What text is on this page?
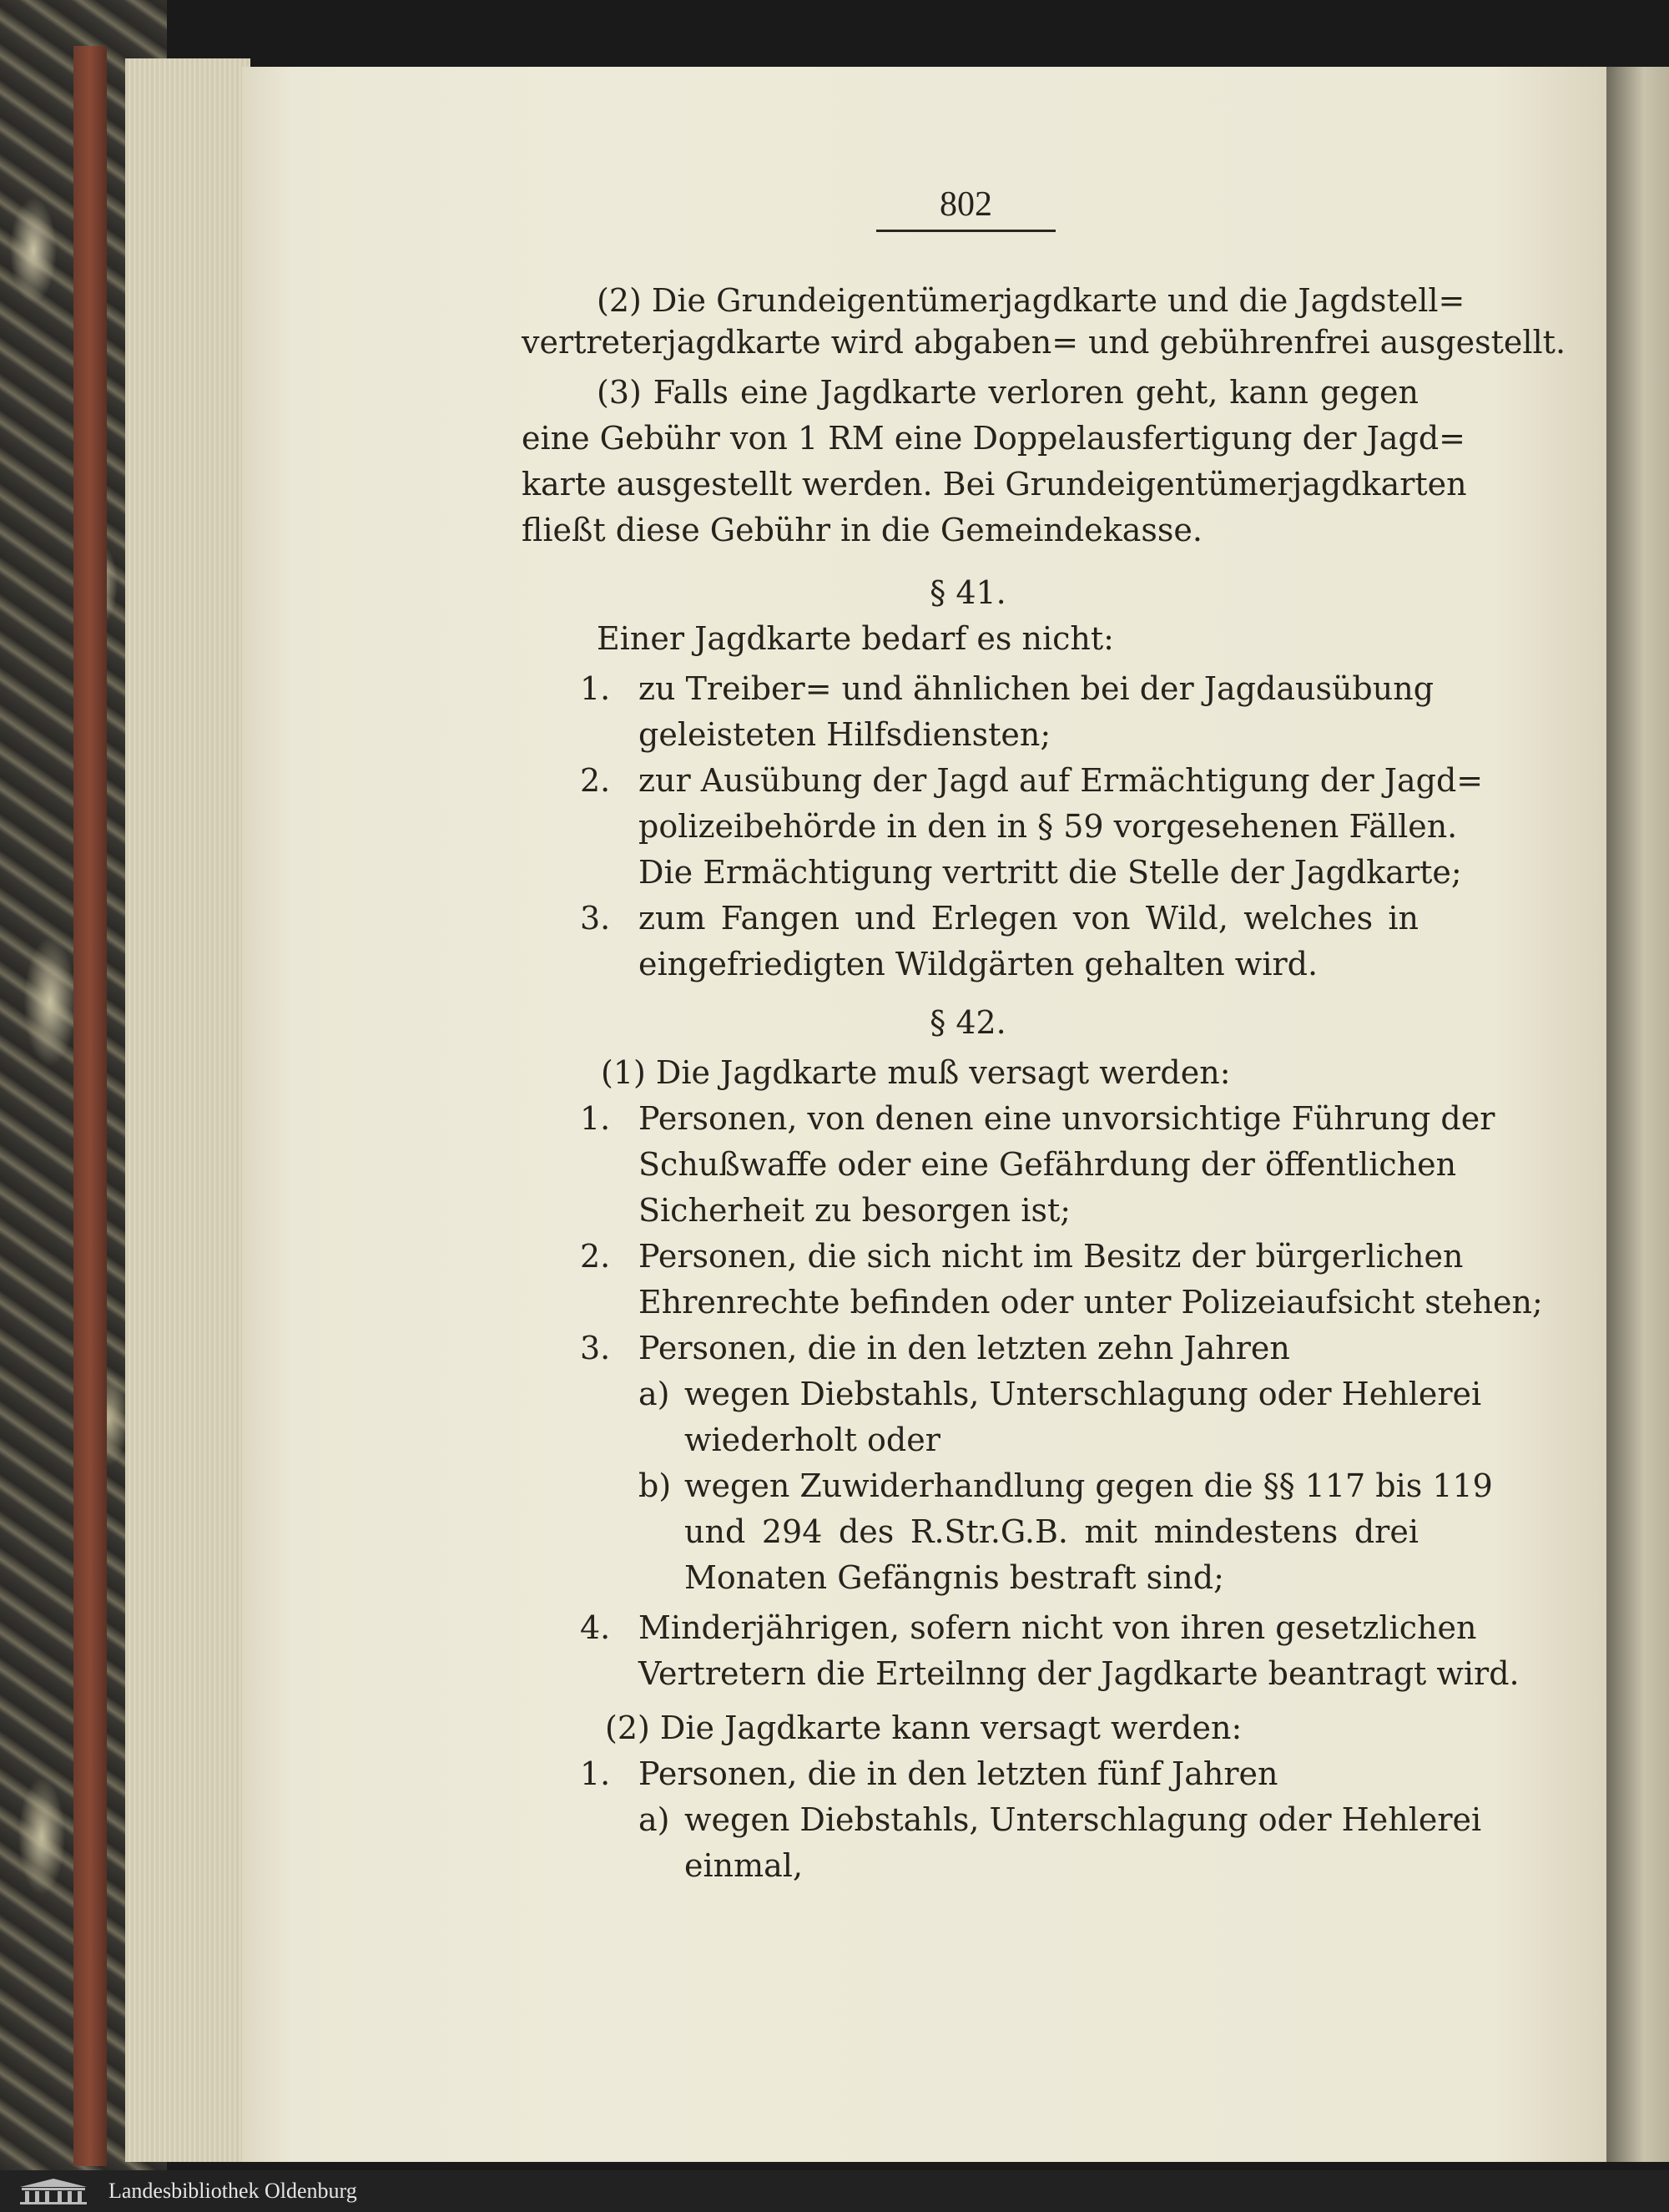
802
(2) Die Grundeigentümerjagdkarte und die Jagdstell=
vertreterjagdkarte wird abgaben= und gebührenfrei ausgestellt.
(3) Falls eine Jagdkarte verloren geht, kann gegen
eine Gebühr von 1 RM eine Doppelausfertigung der Jagd=
karte ausgestellt werden. Bei Grundeigentümerjagdkarten
fließt diese Gebühr in die Gemeindekasse.
§ 41.
Einer Jagdkarte bedarf es nicht:
1. zu Treiber= und ähnlichen bei der Jagdausübung
geleisteten Hilfsdiensten;
2. zur Ausübung der Jagd auf Ermächtigung der Jagd=
polizeibehörde in den in § 59 vorgesehenen Fällen.
Die Ermächtigung vertritt die Stelle der Jagdkarte;
3. zum Fangen und Erlegen von Wild, welches in
eingefriedigten Wildgärten gehalten wird.
§ 42.
(1) Die Jagdkarte muß versagt werden:
1. Personen, von denen eine unvorsichtige Führung der
Schußwaffe oder eine Gefährdung der öffentlichen
Sicherheit zu besorgen ist;
2. Personen, die sich nicht im Besitz der bürgerlichen
Ehrenrechte befinden oder unter Polizeiaufsicht stehen;
3. Personen, die in den letzten zehn Jahren
a) wegen Diebstahls, Unterschlagung oder Hehlerei
wiederholt oder
b) wegen Zuwiderhandlung gegen die §§ 117 bis 119
und 294 des R.Str.G.B. mit mindestens drei
Monaten Gefängnis bestraft sind;
4. Minderjährigen, sofern nicht von ihren gesetzlichen
Vertretern die Erteilnng der Jagdkarte beantragt wird.
(2) Die Jagdkarte kann versagt werden:
1. Personen, die in den letzten fünf Jahren
a) wegen Diebstahls, Unterschlagung oder Hehlerei
einmal,
Landesbibliothek Oldenburg
